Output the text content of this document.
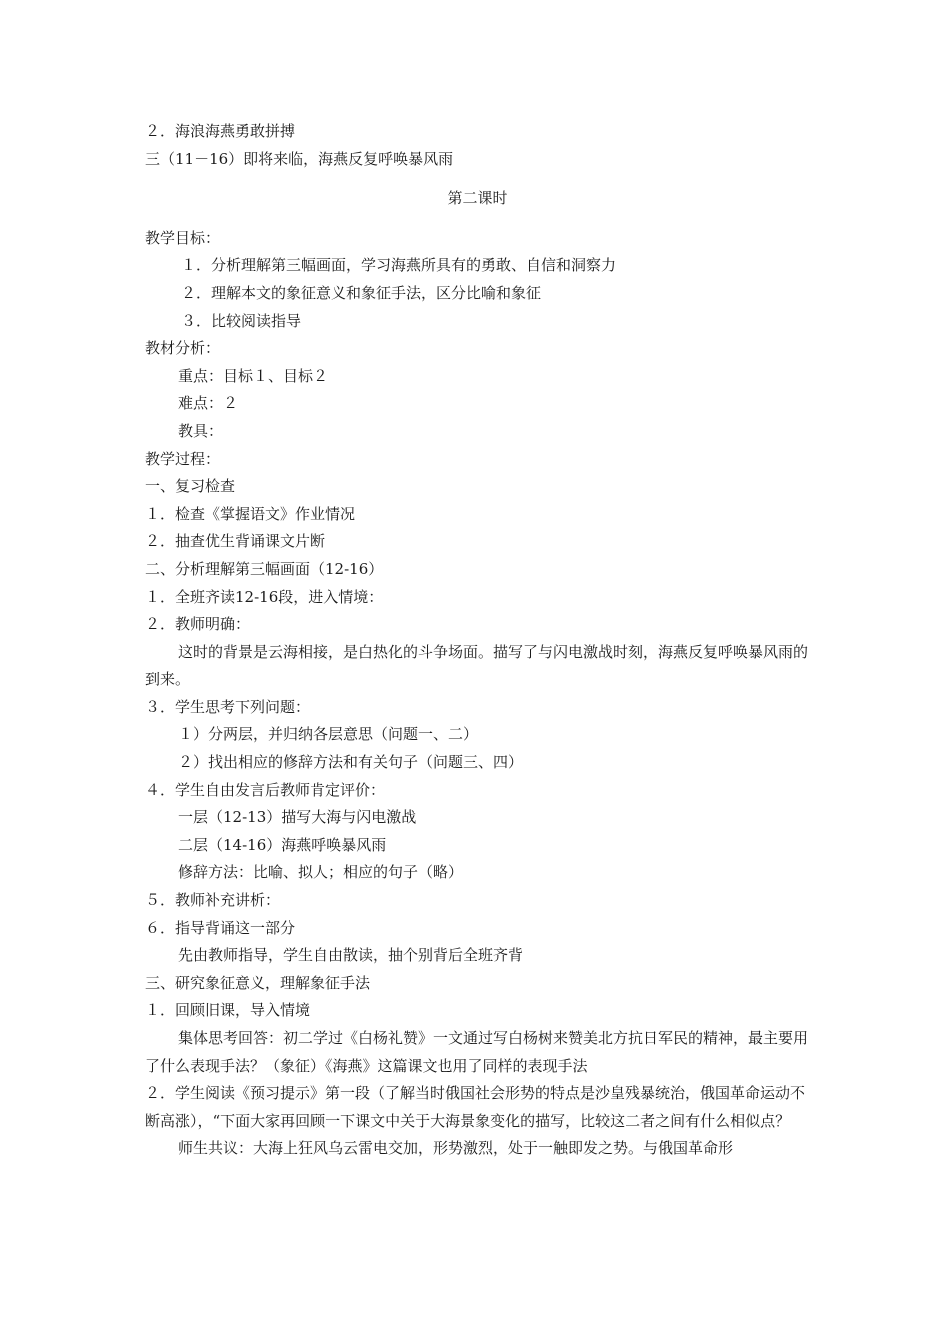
２．海浪海燕勇敢拼搏
三（11－16）即将来临，海燕反复呼唤暴风雨
第二课时
教学目标：
１．分析理解第三幅画面，学习海燕所具有的勇敢、自信和洞察力
２．理解本文的象征意义和象征手法，区分比喻和象征
３．比较阅读指导
教材分析：
重点：目标１、目标２
难点：２
教具：
教学过程：
一、复习检查
１．检查《掌握语文》作业情况
２．抽查优生背诵课文片断
二、分析理解第三幅画面（12-16）
１．全班齐读12-16段，进入情境：
２．教师明确：
这时的背景是云海相接，是白热化的斗争场面。描写了与闪电激战时刻，海燕反复呼唤暴风雨的到来。
３．学生思考下列问题：
１）分两层，并归纳各层意思（问题一、二）
２）找出相应的修辞方法和有关句子（问题三、四）
４．学生自由发言后教师肯定评价：
一层（12-13）描写大海与闪电激战
二层（14-16）海燕呼唤暴风雨
修辞方法：比喻、拟人；相应的句子（略）
５．教师补充讲析：
６．指导背诵这一部分
先由教师指导，学生自由散读，抽个别背后全班齐背
三、研究象征意义，理解象征手法
１．回顾旧课，导入情境
集体思考回答：初二学过《白杨礼赞》一文通过写白杨树来赞美北方抗日军民的精神，最主要用了什么表现手法？（象征）《海燕》这篇课文也用了同样的表现手法
２．学生阅读《预习提示》第一段（了解当时俄国社会形势的特点是沙皇残暴统治，俄国革命运动不断高涨），“下面大家再回顾一下课文中关于大海景象变化的描写，比较这二者之间有什么相似点？
师生共议：大海上狂风乌云雷电交加，形势激烈，处于一触即发之势。与俄国革命形
